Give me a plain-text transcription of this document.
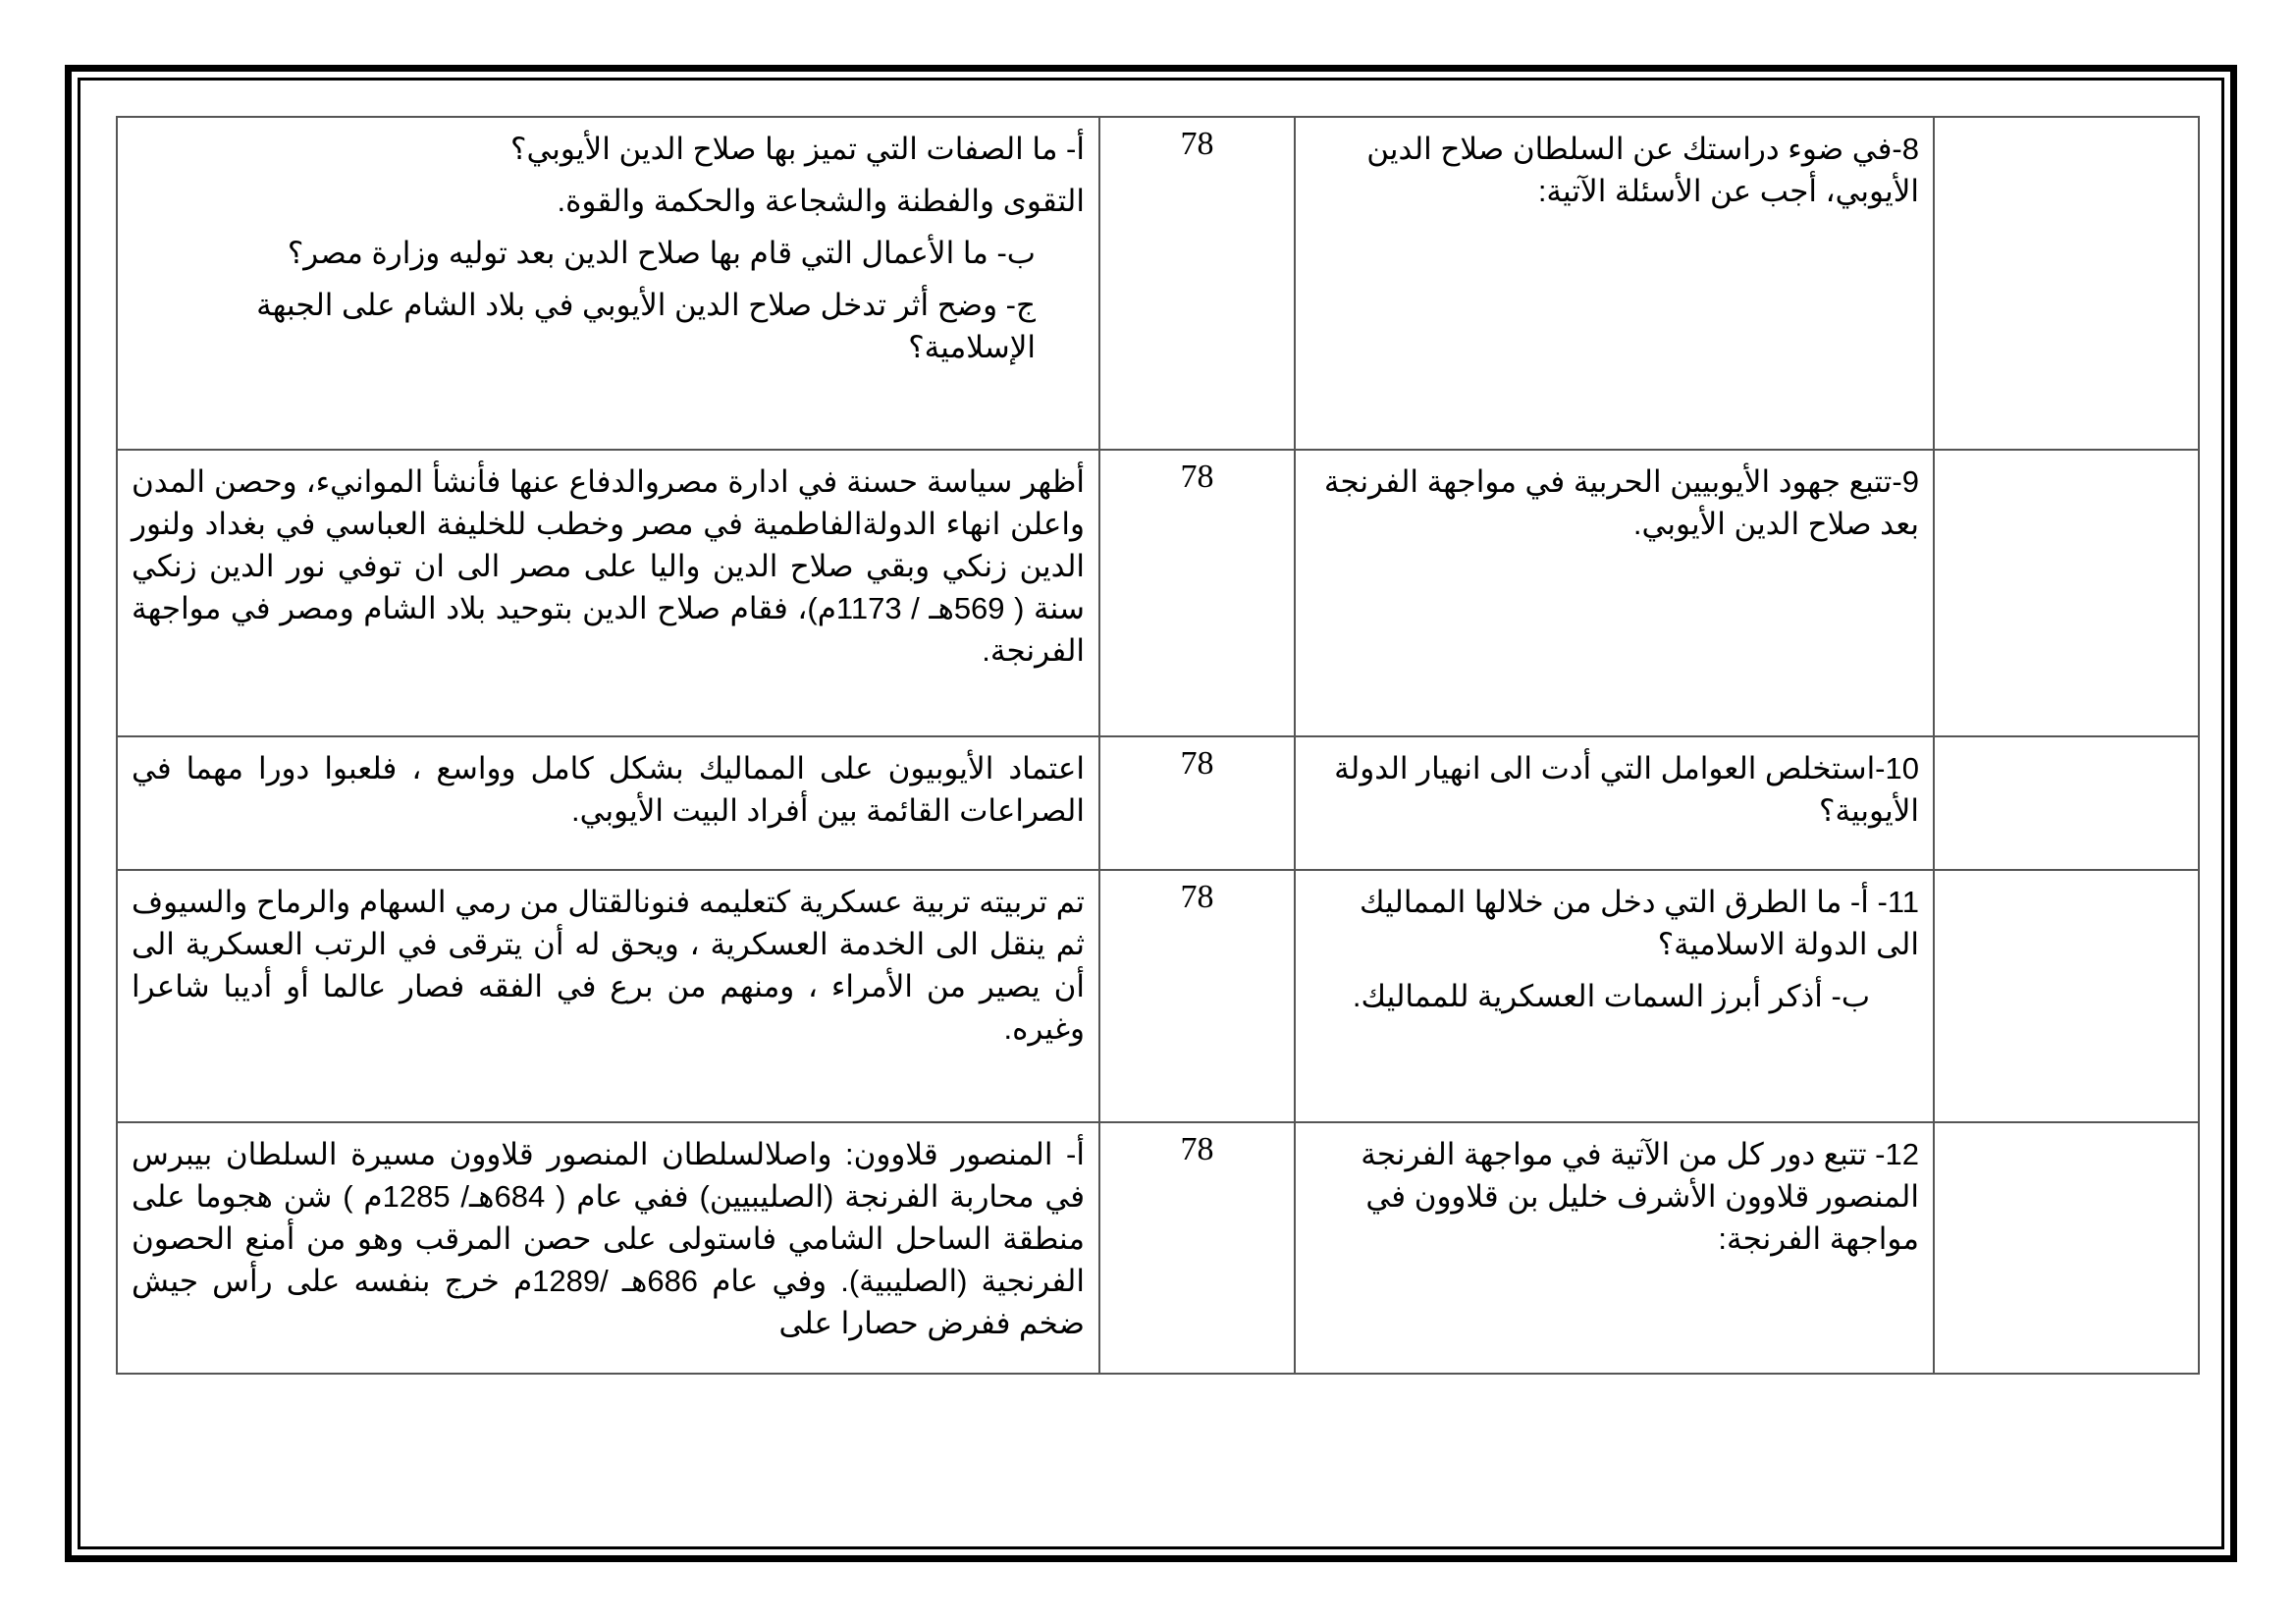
	8-في ضوء دراستك عن السلطان صلاح الدين الأيوبي، أجب عن الأسئلة الآتية:	78	أ- ما الصفات التي تميز بها صلاح الدين الأيوبي؟
التقوى والفطنة والشجاعة والحكمة والقوة.
ب- ما الأعمال التي قام بها صلاح الدين بعد توليه وزارة مصر؟
ج- وضح أثر تدخل صلاح الدين الأيوبي في بلاد الشام على الجبهة الإسلامية؟

	9-تتبع جهود الأيوبيين الحربية في مواجهة الفرنجة بعد صلاح الدين الأيوبي.	78	أظهر سياسة حسنة في ادارة مصروالدفاع عنها فأنشأ الموانيء، وحصن المدن واعلن انهاء الدولةالفاطمية في مصر وخطب للخليفة العباسي في بغداد ولنور الدين زنكي وبقي صلاح الدين واليا على مصر الى ان توفي نور الدين زنكي سنة ( 569هـ / 1173م)، فقام صلاح الدين بتوحيد بلاد الشام ومصر في مواجهة الفرنجة.

	10-استخلص العوامل التي أدت الى انهيار الدولة الأيوبية؟	78	اعتماد الأيوبيون على المماليك بشكل كامل وواسع ، فلعبوا دورا مهما في الصراعات القائمة بين أفراد البيت الأيوبي.

	11- أ- ما الطرق التي دخل من خلالها المماليك الى الدولة الاسلامية؟
ب- أذكر أبرز السمات العسكرية للمماليك.	78	تم تربيته تربية عسكرية كتعليمه فنونالقتال من رمي السهام والرماح والسيوف ثم ينقل الى الخدمة العسكرية ، ويحق له أن يترقى في الرتب العسكرية الى أن يصير من الأمراء ، ومنهم من برع في الفقه فصار عالما أو أديبا شاعرا وغيره.

	12- تتبع دور كل من الآتية في مواجهة الفرنجة المنصور قلاوون الأشرف خليل بن قلاوون في مواجهة الفرنجة:	78	أ- المنصور قلاوون: واصلالسلطان المنصور قلاوون مسيرة السلطان بيبرس في محاربة الفرنجة (الصليبيين) ففي عام ( 684هـ/ 1285م ) شن هجوما على منطقة الساحل الشامي فاستولى على حصن المرقب وهو من أمنع الحصون الفرنجية (الصليبية). وفي عام 686هـ /1289م خرج بنفسه على رأس جيش ضخم ففرض حصارا على
